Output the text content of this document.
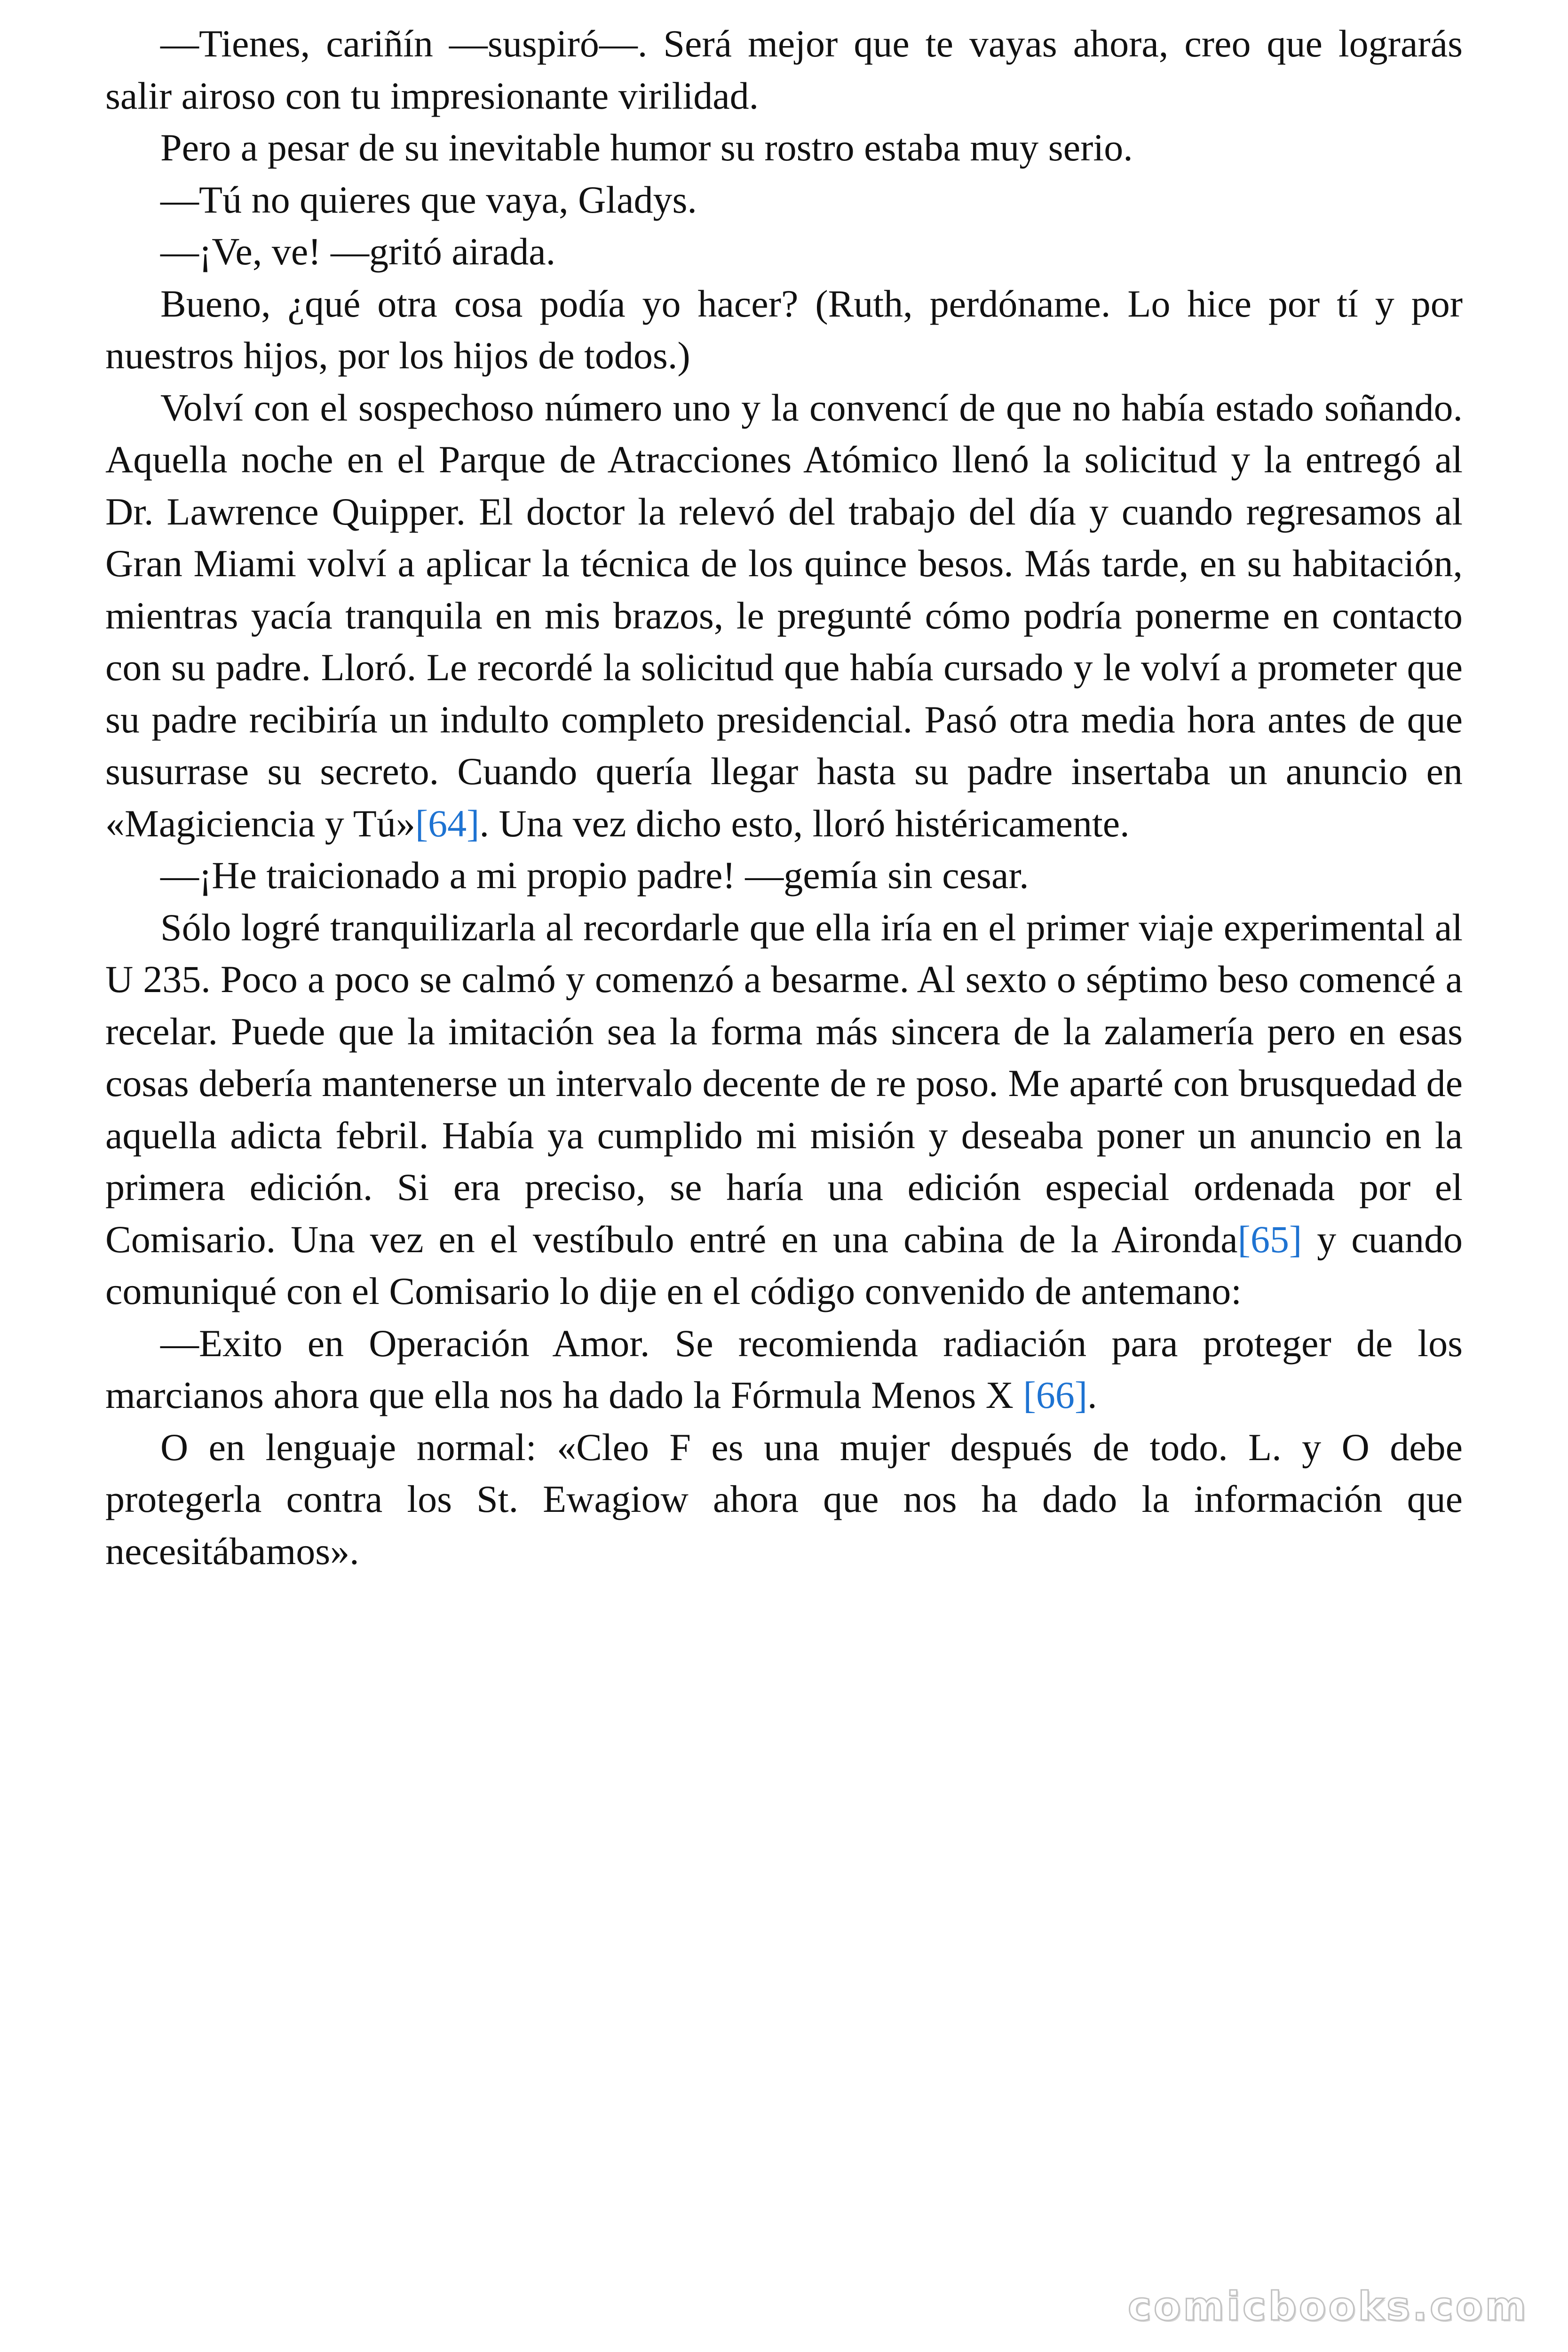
—Tienes, cariñín —suspiró—. Será mejor que te vayas ahora, creo que lograrás salir airoso con tu impresionante virilidad.

Pero a pesar de su inevitable humor su rostro estaba muy serio.

—Tú no quieres que vaya, Gladys.

—¡Ve, ve! —gritó airada.

Bueno, ¿qué otra cosa podía yo hacer? (Ruth, perdóname. Lo hice por tí y por nuestros hijos, por los hijos de todos.)

Volví con el sospechoso número uno y la convencí de que no había estado soñando. Aquella noche en el Parque de Atracciones Atómico llenó la solicitud y la entregó al Dr. Lawrence Quipper. El doctor la relevó del trabajo del día y cuando regresamos al Gran Miami volví a aplicar la técnica de los quince besos. Más tarde, en su habitación, mientras yacía tranquila en mis brazos, le pregunté cómo podría ponerme en contacto con su padre. Lloró. Le recordé la solicitud que había cursado y le volví a prometer que su padre recibiría un indulto completo presidencial. Pasó otra media hora antes de que susurrase su secreto. Cuando quería llegar hasta su padre insertaba un anuncio en «Magiciencia y Tú»[64]. Una vez dicho esto, lloró histéricamente.

—¡He traicionado a mi propio padre! —gemía sin cesar.

Sólo logré tranquilizarla al recordarle que ella iría en el primer viaje experimental al U 235. Poco a poco se calmó y comenzó a besarme. Al sexto o séptimo beso comencé a recelar. Puede que la imitación sea la forma más sincera de la zalamería pero en esas cosas debería mantenerse un intervalo decente de re poso. Me aparté con brusquedad de aquella adicta febril. Había ya cumplido mi misión y deseaba poner un anuncio en la primera edición. Si era preciso, se haría una edición especial ordenada por el Comisario. Una vez en el vestíbulo entré en una cabina de la Aironda[65] y cuando comuniqué con el Comisario lo dije en el código convenido de antemano:

—Exito en Operación Amor. Se recomienda radiación para proteger de los marcianos ahora que ella nos ha dado la Fórmula Menos X [66].

O en lenguaje normal: «Cleo F es una mujer después de todo. L. y O debe protegerla contra los St. Ewagiow ahora que nos ha dado la información que necesitábamos».

comicbooks.com
